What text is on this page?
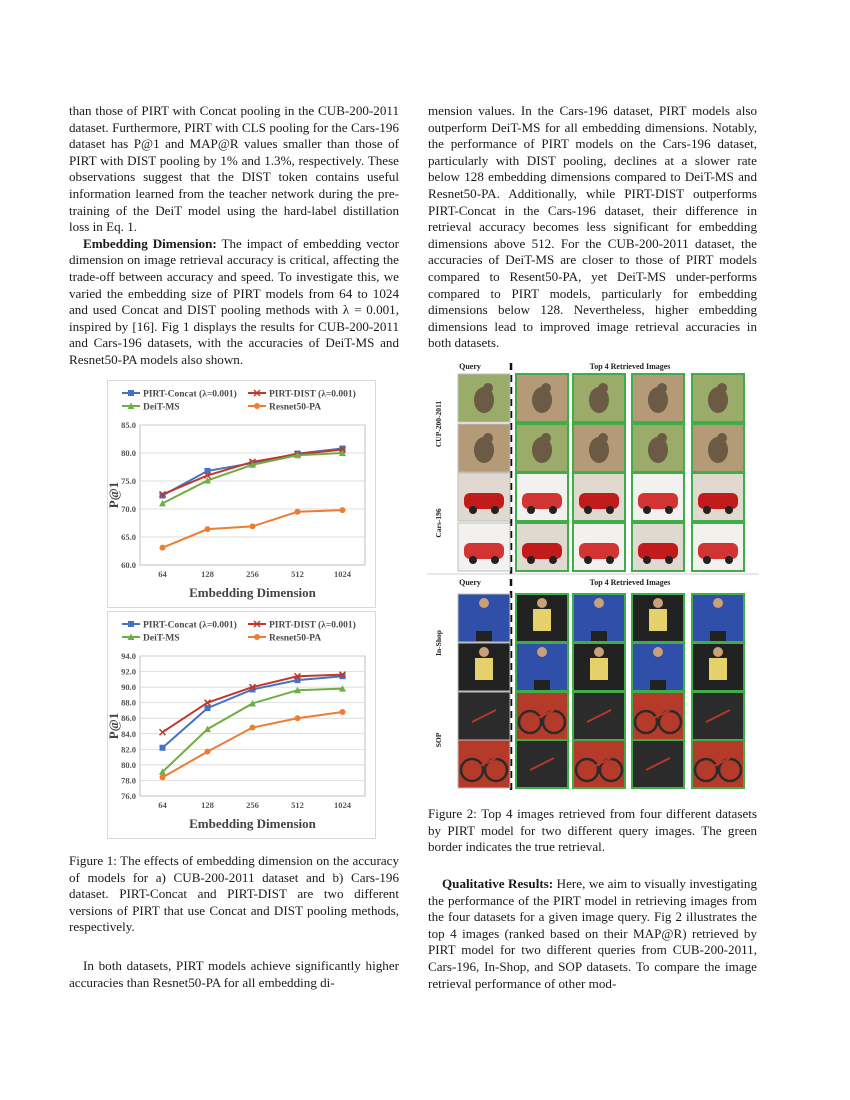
than those of PIRT with Concat pooling in the CUB-200-2011 dataset. Furthermore, PIRT with CLS pooling for the Cars-196 dataset has P@1 and MAP@R values smaller than those of PIRT with DIST pooling by 1% and 1.3%, respectively. These observations suggest that the DIST token contains useful information learned from the teacher network during the pre-training of the DeiT model using the hard-label distillation loss in Eq. 1.

Embedding Dimension: The impact of embedding vector dimension on image retrieval accuracy is critical, affecting the trade-off between accuracy and speed. To investigate this, we varied the embedding size of PIRT models from 64 to 1024 and used Concat and DIST pooling methods with λ = 0.001, inspired by [16]. Fig 1 displays the results for CUB-200-2011 and Cars-196 datasets, with the accuracies of DeiT-MS and Resnet50-PA models also shown.

PIRT-Concat (λ=0.001)	PIRT-DIST (λ=0.001)
DeiT-MS	Resnet50-PA
60.0
65.0
70.0
75.0
80.0
85.0
64	128	256	512	1024
Embedding Dimension
P@1
PIRT-Concat (λ=0.001)	PIRT-DIST (λ=0.001)
DeiT-MS	Resnet50-PA
76.0
78.0
80.0
82.0
84.0
86.0
88.0
90.0
92.0
94.0
64	128	256	512	1024
Embedding Dimension
P@1
Figure 1: The effects of embedding dimension on the accuracy of models for a) CUB-200-2011 dataset and b) Cars-196 dataset. PIRT-Concat and PIRT-DIST are two different versions of PIRT that use Concat and DIST pooling methods, respectively.

In both datasets, PIRT models achieve significantly higher accuracies than Resnet50-PA for all embedding di-

mension values. In the Cars-196 dataset, PIRT models also outperform DeiT-MS for all embedding dimensions. Notably, the performance of PIRT models on the Cars-196 dataset, particularly with DIST pooling, declines at a slower rate below 128 embedding dimensions compared to DeiT-MS and Resnet50-PA. Additionally, while PIRT-DIST outperforms PIRT-Concat in the Cars-196 dataset, their difference in retrieval accuracy becomes less significant for embedding dimensions above 512. For the CUB-200-2011 dataset, the accuracies of DeiT-MS are closer to those of PIRT models compared to Resent50-PA, yet DeiT-MS under-performs compared to PIRT models, particularly for embedding dimensions below 128. Nevertheless, higher embedding dimensions lead to improved image retrieval accuracies in both datasets.

Query	Top 4 Retrieved Images
Query	Top 4 Retrieved Images
CUP-200-2011
Cars-196
In-Shop
SOP
Figure 2: Top 4 images retrieved from four different datasets by PIRT model for two different query images. The green border indicates the true retrieval.

Qualitative Results: Here, we aim to visually investigating the performance of the PIRT model in retrieving images from the four datasets for a given image query. Fig 2 illustrates the top 4 images (ranked based on their MAP@R) retrieved by PIRT model for two different queries from CUB-200-2011, Cars-196, In-Shop, and SOP datasets. To compare the image retrieval performance of other mod-
